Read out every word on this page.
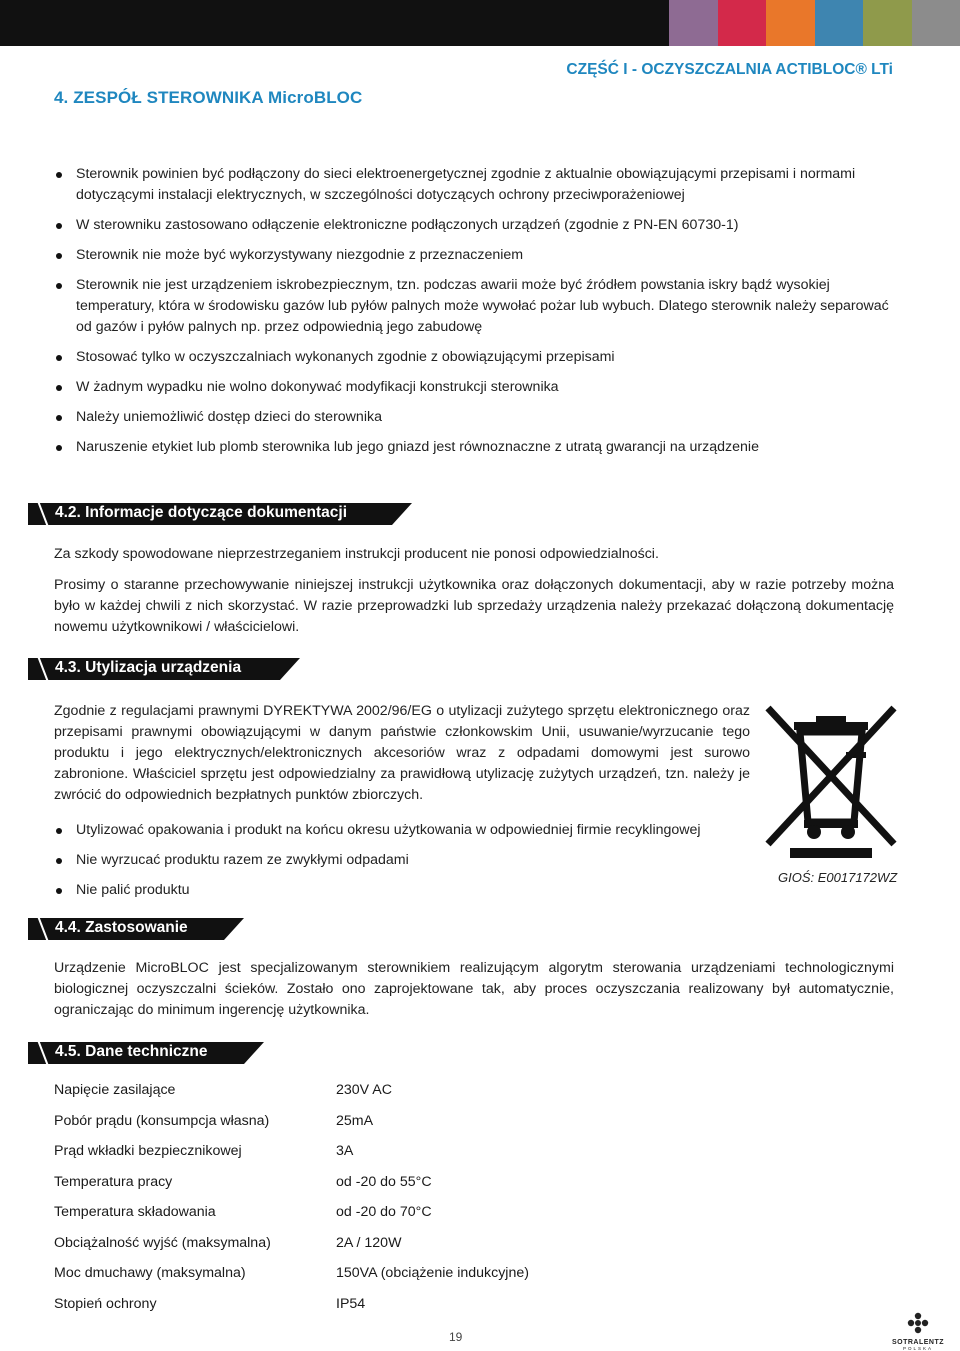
CZĘŚĆ I - OCZYSZCZALNIA ACTIBLOC® LTi
4. ZESPÓŁ STEROWNIKA MicroBLOC
Sterownik powinien być podłączony do sieci elektroenergetycznej zgodnie z aktualnie obowiązującymi przepisami i normami dotyczącymi instalacji elektrycznych, w szczególności dotyczących ochrony przeciwporażeniowej
W sterowniku zastosowano odłączenie elektroniczne podłączonych urządzeń (zgodnie z PN-EN 60730-1)
Sterownik nie może być wykorzystywany niezgodnie z przeznaczeniem
Sterownik nie jest urządzeniem iskrobezpiecznym, tzn. podczas awarii może być źródłem powstania iskry bądź wysokiej temperatury, która w środowisku gazów lub pyłów palnych może wywołać pożar lub wybuch. Dlatego sterownik należy separować od gazów i pyłów palnych np. przez odpowiednią jego zabudowę
Stosować tylko w oczyszczalniach wykonanych zgodnie z obowiązującymi przepisami
W żadnym wypadku nie wolno dokonywać modyfikacji konstrukcji sterownika
Należy uniemożliwić dostęp dzieci do sterownika
Naruszenie etykiet lub plomb sterownika lub jego gniazd jest równoznaczne z utratą gwarancji na urządzenie
4.2. Informacje dotyczące dokumentacji

Za szkody spowodowane nieprzestrzeganiem instrukcji producent nie ponosi odpowiedzialności.

Prosimy o staranne przechowywanie niniejszej instrukcji użytkownika oraz dołączonych dokumentacji, aby w razie potrzeby można było w każdej chwili z nich skorzystać. W razie przeprowadzki lub sprzedaży urządzenia należy przekazać dołączoną dokumentację nowemu użytkownikowi / właścicielowi.

4.3. Utylizacja urządzenia

Zgodnie z regulacjami prawnymi DYREKTYWA 2002/96/EG o utylizacji zużytego sprzętu elektronicznego oraz przepisami prawnymi obowiązującymi w danym państwie członkowskim Unii, usuwanie/wyrzucanie tego produktu i jego elektrycznych/elektronicznych akcesoriów wraz z odpadami domowymi jest surowo zabronione. Właściciel sprzętu jest odpowiedzialny za prawidłową utylizację zużytych urządzeń, tzn. należy je zwrócić do odpowiednich bezpłatnych punktów zbiorczych.

Utylizować opakowania i produkt na końcu okresu użytkowania w odpowiedniej firmie recyklingowej
Nie wyrzucać produktu razem ze zwykłymi odpadami
Nie palić produktu
GIOŚ: E0017172WZ
4.4. Zastosowanie

Urządzenie MicroBLOC jest specjalizowanym sterownikiem realizującym algorytm sterowania urządzeniami technologicznymi biologicznej oczyszczalni ścieków. Zostało ono zaprojektowane tak, aby proces oczyszczania realizowany był automatycznie, ograniczając do minimum ingerencję użytkownika.

4.5. Dane techniczne
Napięcie zasilające	230V AC
Pobór prądu (konsumpcja własna)	25mA
Prąd wkładki bezpiecznikowej	3A
Temperatura pracy	od -20 do 55°C
Temperatura składowania	od -20 do 70°C
Obciążalność wyjść (maksymalna)	2A / 120W
Moc dmuchawy (maksymalna)	150VA (obciążenie indukcyjne)
Stopień ochrony	IP54
19	SOTRALENTZ
POLSKA
